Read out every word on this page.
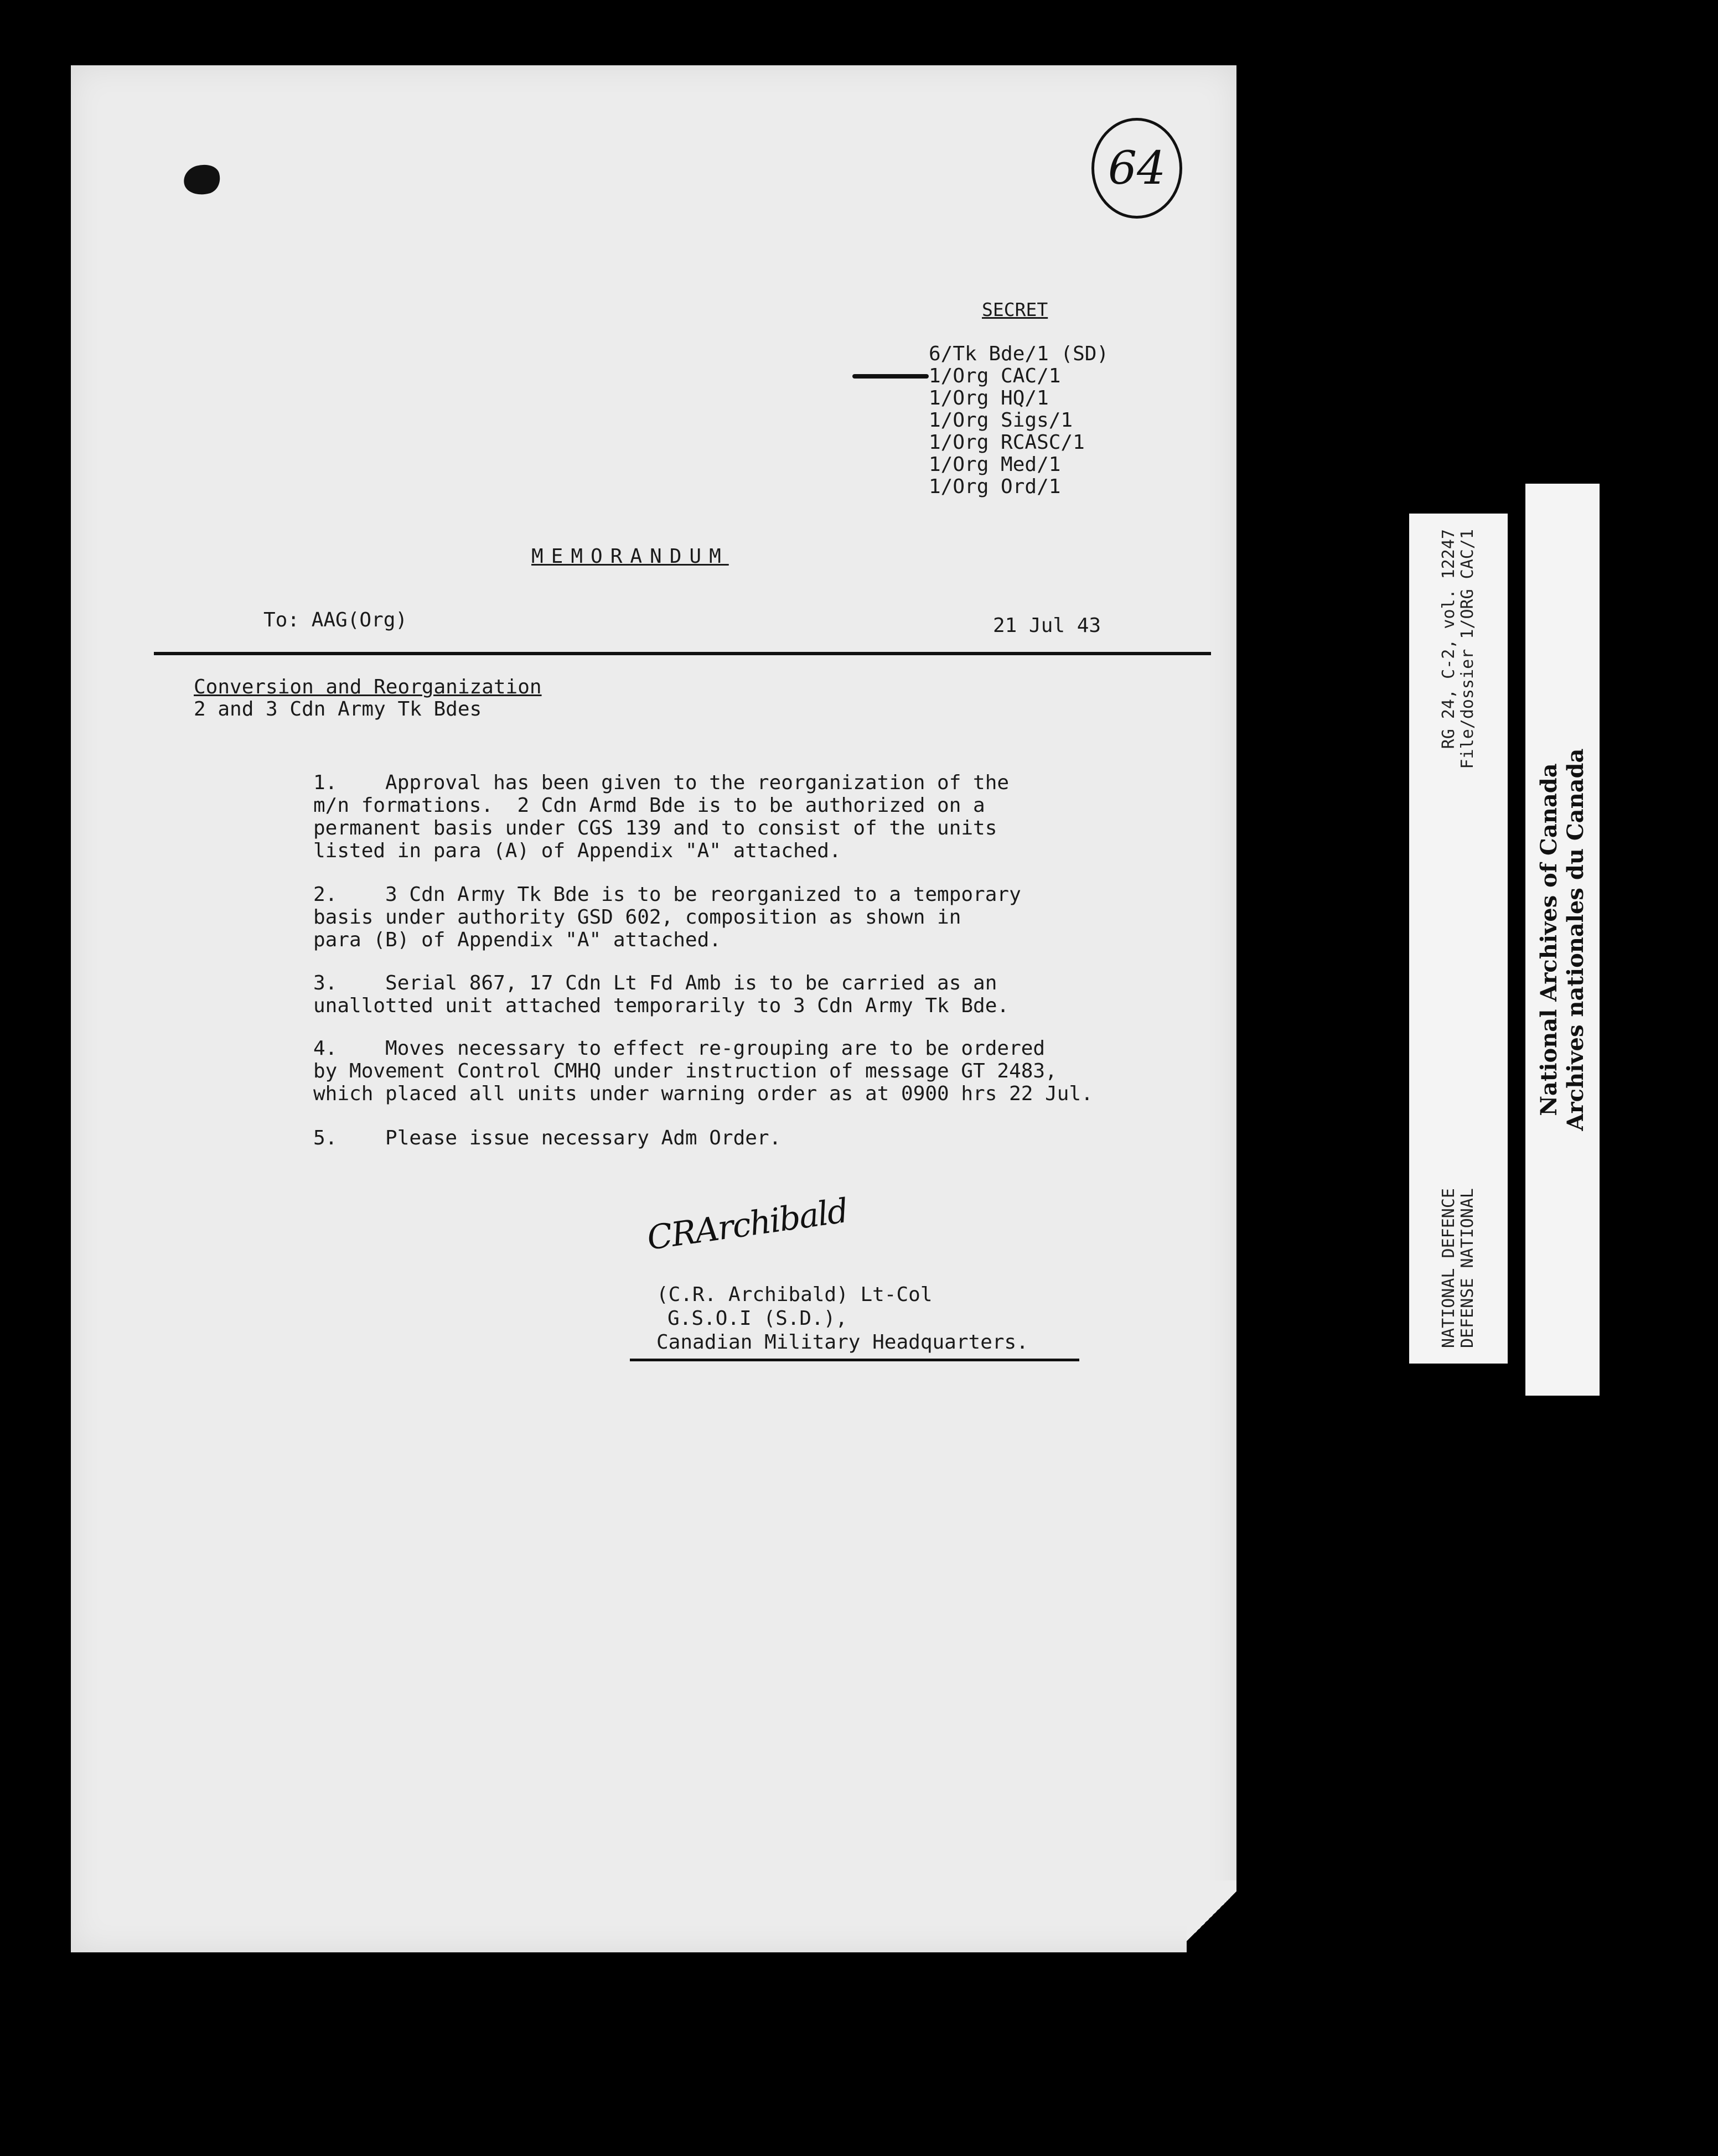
64
SECRET
6/Tk Bde/1 (SD)
1/Org CAC/1
1/Org HQ/1
1/Org Sigs/1
1/Org RCASC/1
1/Org Med/1
1/Org Ord/1
MEMORANDUM
To: AAG(Org)	21 Jul 43
Conversion and Reorganization
2 and 3 Cdn Army Tk Bdes
1.    Approval has been given to the reorganization of the
m/n formations.  2 Cdn Armd Bde is to be authorized on a
permanent basis under CGS 139 and to consist of the units
listed in para (A) of Appendix "A" attached.
2.    3 Cdn Army Tk Bde is to be reorganized to a temporary
basis under authority GSD 602, composition as shown in
para (B) of Appendix "A" attached.
3.    Serial 867, 17 Cdn Lt Fd Amb is to be carried as an
unallotted unit attached temporarily to 3 Cdn Army Tk Bde.
4.    Moves necessary to effect re-grouping are to be ordered
by Movement Control CMHQ under instruction of message GT 2483,
which placed all units under warning order as at 0900 hrs 22 Jul.
5.    Please issue necessary Adm Order.
CRArchibald
(C.R. Archibald) Lt-Col
G.S.O.I (S.D.),
Canadian Military Headquarters.	NATIONAL DEFENCE
RG 24, C-2, vol. 12247
DEFENSE NATIONAL
File/dossier 1/ORG CAC/1
National Archives of Canada Archives nationales du Canada
